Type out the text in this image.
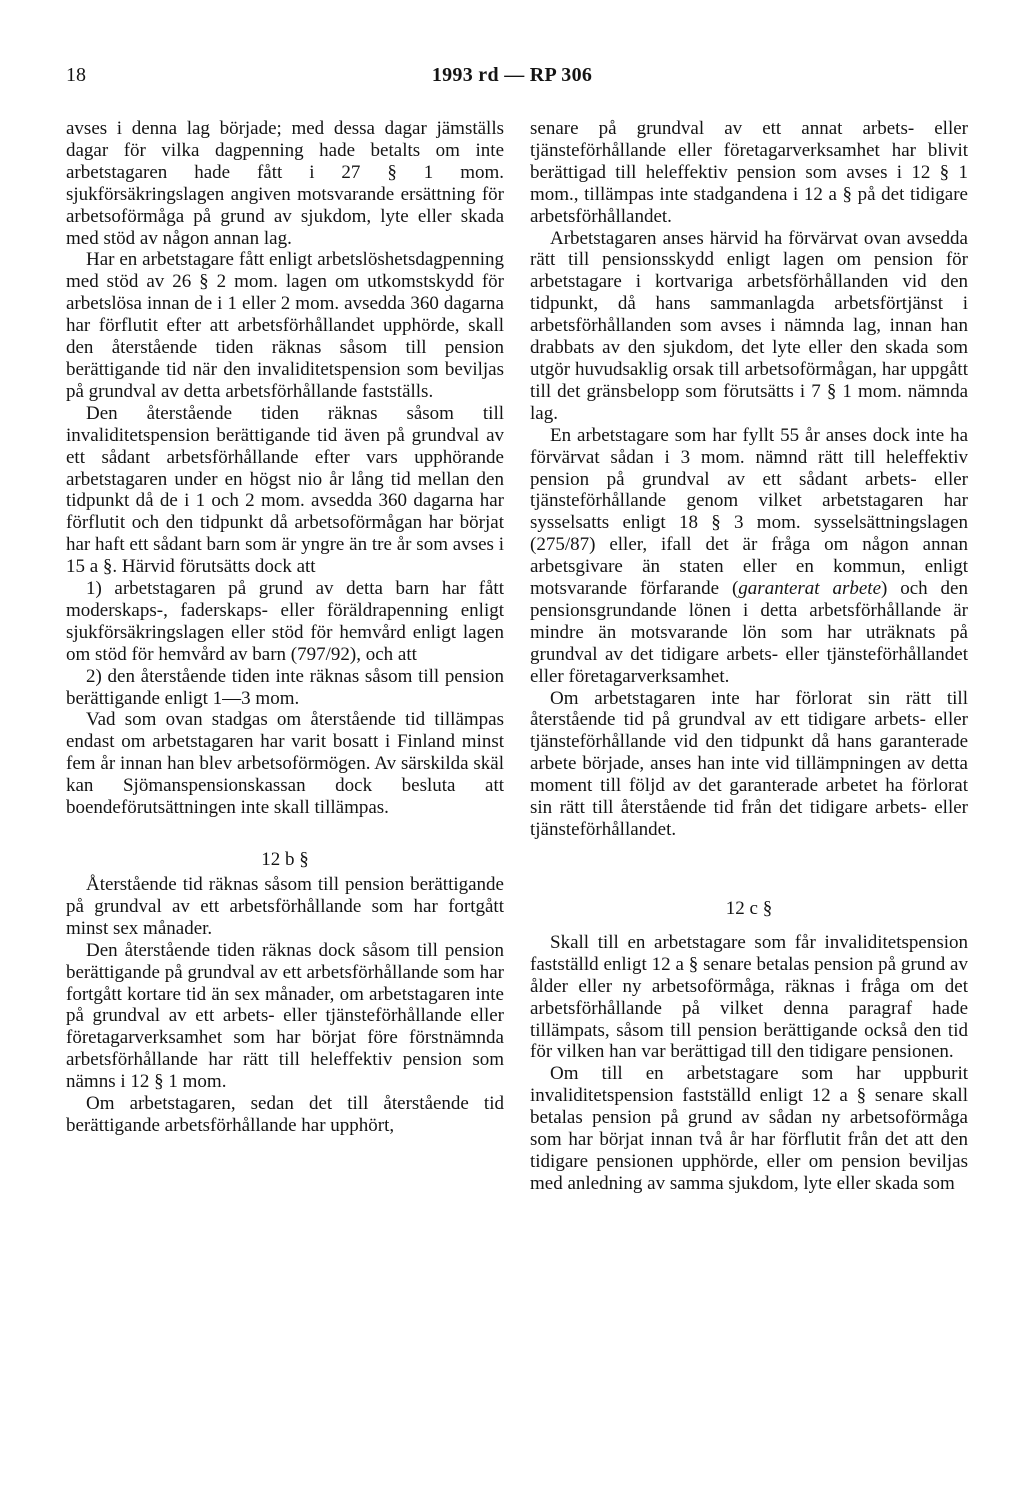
18	1993 rd — RP 306

avses i denna lag började; med dessa dagar jämställs dagar för vilka dagpenning hade betalts om inte arbetstagaren hade fått i 27 § 1 mom. sjukförsäkringslagen angiven motsvarande ersättning för arbetsoförmåga på grund av sjukdom, lyte eller skada med stöd av någon annan lag.

Har en arbetstagare fått enligt arbetslöshetsdagpenning med stöd av 26 § 2 mom. lagen om utkomstskydd för arbetslösa innan de i 1 eller 2 mom. avsedda 360 dagarna har förflutit efter att arbetsförhållandet upphörde, skall den återstående tiden räknas såsom till pension berättigande tid när den invaliditetspension som beviljas på grundval av detta arbetsförhållande fastställs.

Den återstående tiden räknas såsom till invaliditetspension berättigande tid även på grundval av ett sådant arbetsförhållande efter vars upphörande arbetstagaren under en högst nio år lång tid mellan den tidpunkt då de i 1 och 2 mom. avsedda 360 dagarna har förflutit och den tidpunkt då arbetsoförmågan har börjat har haft ett sådant barn som är yngre än tre år som avses i 15 a §. Härvid förutsätts dock att

1) arbetstagaren på grund av detta barn har fått moderskaps-, faderskaps- eller föräldrapenning enligt sjukförsäkringslagen eller stöd för hemvård enligt lagen om stöd för hemvård av barn (797/92), och att

2) den återstående tiden inte räknas såsom till pension berättigande enligt 1—3 mom.

Vad som ovan stadgas om återstående tid tillämpas endast om arbetstagaren har varit bosatt i Finland minst fem år innan han blev arbetsoförmögen. Av särskilda skäl kan Sjömanspensionskassan dock besluta att boendeförutsättningen inte skall tillämpas.

12 b §

Återstående tid räknas såsom till pension berättigande på grundval av ett arbetsförhållande som har fortgått minst sex månader.

Den återstående tiden räknas dock såsom till pension berättigande på grundval av ett arbetsförhållande som har fortgått kortare tid än sex månader, om arbetstagaren inte på grundval av ett arbets- eller tjänsteförhållande eller företagarverksamhet som har börjat före förstnämnda arbetsförhållande har rätt till heleffektiv pension som nämns i 12 § 1 mom.

Om arbetstagaren, sedan det till återstående tid berättigande arbetsförhållande har upphört,

senare på grundval av ett annat arbets- eller tjänsteförhållande eller företagarverksamhet har blivit berättigad till heleffektiv pension som avses i 12 § 1 mom., tillämpas inte stadgandena i 12 a § på det tidigare arbetsförhållandet.

Arbetstagaren anses härvid ha förvärvat ovan avsedda rätt till pensionsskydd enligt lagen om pension för arbetstagare i kortvariga arbetsförhållanden vid den tidpunkt, då hans sammanlagda arbetsförtjänst i arbetsförhållanden som avses i nämnda lag, innan han drabbats av den sjukdom, det lyte eller den skada som utgör huvudsaklig orsak till arbetsoförmågan, har uppgått till det gränsbelopp som förutsätts i 7 § 1 mom. nämnda lag.

En arbetstagare som har fyllt 55 år anses dock inte ha förvärvat sådan i 3 mom. nämnd rätt till heleffektiv pension på grundval av ett sådant arbets- eller tjänsteförhållande genom vilket arbetstagaren har sysselsatts enligt 18 § 3 mom. sysselsättningslagen (275/87) eller, ifall det är fråga om någon annan arbetsgivare än staten eller en kommun, enligt motsvarande förfarande (garanterat arbete) och den pensionsgrundande lönen i detta arbetsförhållande är mindre än motsvarande lön som har uträknats på grundval av det tidigare arbets- eller tjänsteförhållandet eller företagarverksamhet.

Om arbetstagaren inte har förlorat sin rätt till återstående tid på grundval av ett tidigare arbets- eller tjänsteförhållande vid den tidpunkt då hans garanterade arbete började, anses han inte vid tillämpningen av detta moment till följd av det garanterade arbetet ha förlorat sin rätt till återstående tid från det tidigare arbets- eller tjänsteförhållandet.

12 c §

Skall till en arbetstagare som får invaliditetspension fastställd enligt 12 a § senare betalas pension på grund av ålder eller ny arbetsoförmåga, räknas i fråga om det arbetsförhållande på vilket denna paragraf hade tillämpats, såsom till pension berättigande också den tid för vilken han var berättigad till den tidigare pensionen.

Om till en arbetstagare som har uppburit invaliditetspension fastställd enligt 12 a § senare skall betalas pension på grund av sådan ny arbetsoförmåga som har börjat innan två år har förflutit från det att den tidigare pensionen upphörde, eller om pension beviljas med anledning av samma sjukdom, lyte eller skada som
